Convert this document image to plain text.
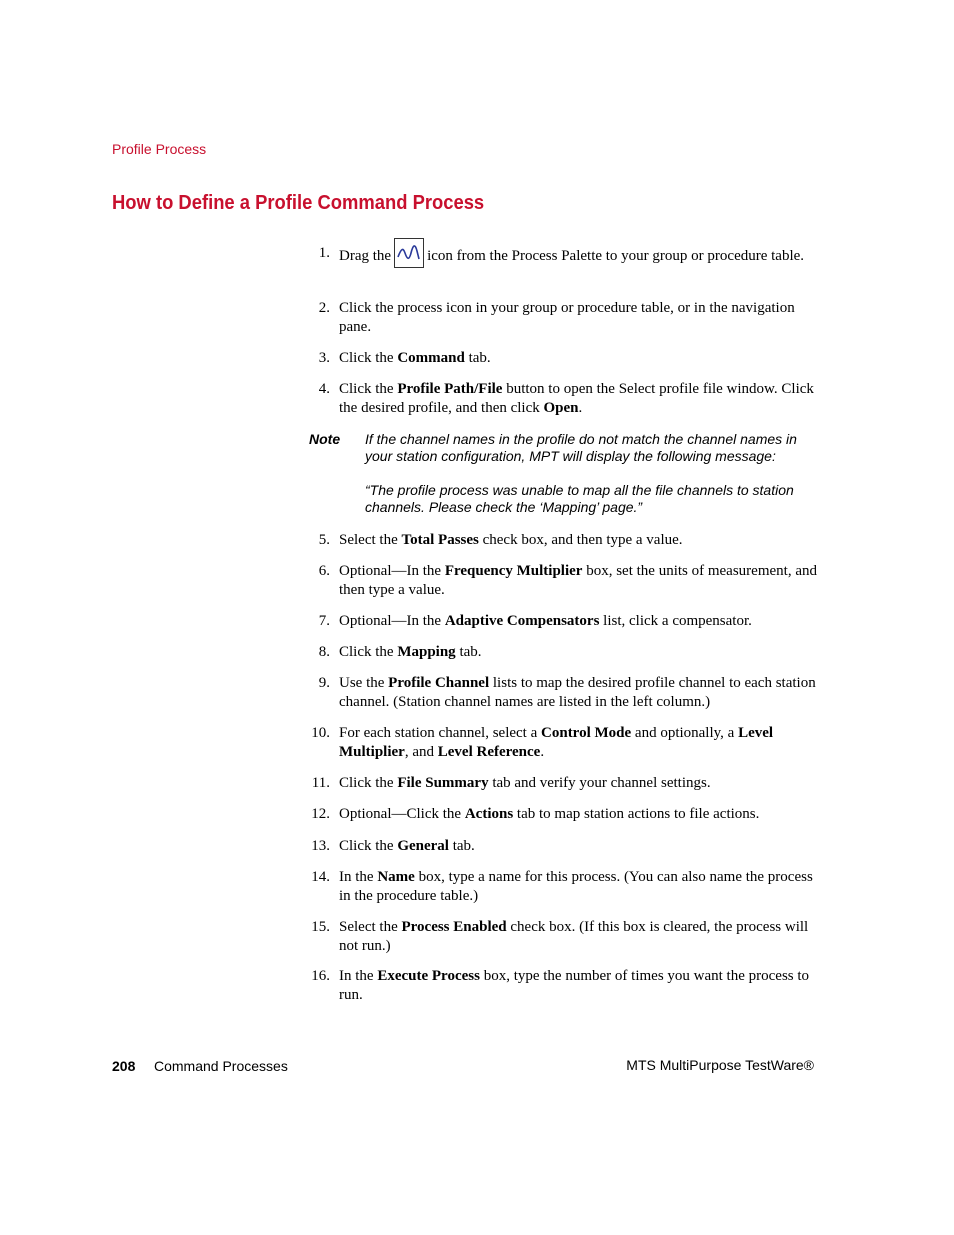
Profile Process
How to Define a Profile Command Process
1. Drag the icon from the Process Palette to your group or procedure table.
2. Click the process icon in your group or procedure table, or in the navigation pane.
3. Click the Command tab.
4. Click the Profile Path/File button to open the Select profile file window. Click the desired profile, and then click Open.
5. Select the Total Passes check box, and then type a value.
6. Optional—In the Frequency Multiplier box, set the units of measurement, and then type a value.
7. Optional—In the Adaptive Compensators list, click a compensator.
8. Click the Mapping tab.
9. Use the Profile Channel lists to map the desired profile channel to each station channel. (Station channel names are listed in the left column.)
10. For each station channel, select a Control Mode and optionally, a Level Multiplier, and Level Reference.
11. Click the File Summary tab and verify your channel settings.
12. Optional—Click the Actions tab to map station actions to file actions.
13. Click the General tab.
14. In the Name box, type a name for this process. (You can also name the process in the procedure table.)
15. Select the Process Enabled check box. (If this box is cleared, the process will not run.)
16. In the Execute Process box, type the number of times you want the process to run.
Note If the channel names in the profile do not match the channel names in your station configuration, MPT will display the following message:
“The profile process was unable to map all the file channels to station channels. Please check the ‘Mapping’ page.”
208 Command Processes	MTS MultiPurpose TestWare®
